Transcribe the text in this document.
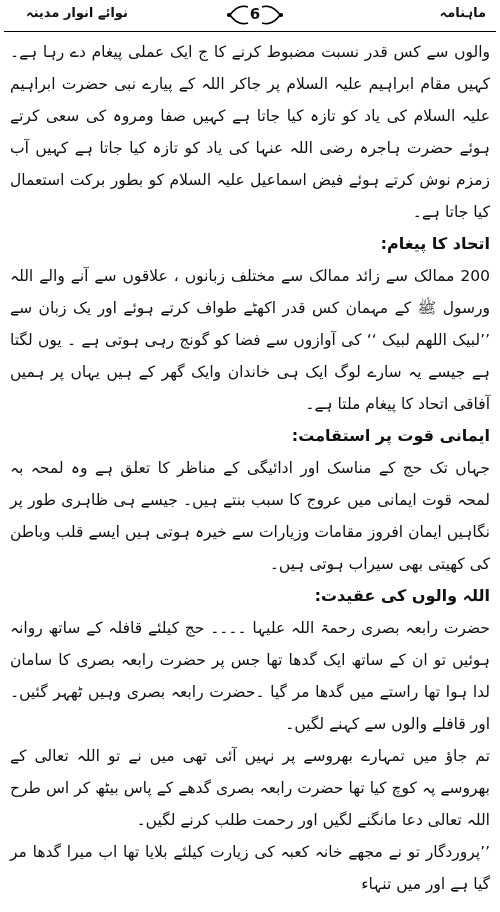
ماہنامہ
6
نوائے انوار مدینہ

والوں سے کس قدر نسبت مضبوط کرنے کا ج ایک عملی پیغام دے رہا ہے۔کہیں مقام ابراہیم علیہ السلام پر جاکر اللہ کے پیارے نبی حضرت ابراہیم علیہ السلام کی یاد کو تازہ کیا جاتا ہے کہیں صفا ومروہ کی سعی کرتے ہوئے حضرت ہاجرہ رضی اللہ عنہا کی یاد کو تازہ کیا جاتا ہے کہیں آب زمزم نوش کرتے ہوئے فیض اسماعیل علیہ السلام کو بطور برکت استعمال کیا جاتا ہے۔

اتحاد کا پیغام:

200 ممالک سے زائد ممالک سے مختلف زبانوں ، علاقوں سے آنے والے اللہ ورسول ﷺ کے مہمان کس قدر اکھٹے طواف کرتے ہوئے اور یک زبان سے ’’لبیک اللھم لبیک ‘‘ کی آوازوں سے فضا کو گونج رہی ہوتی ہے ۔ یوں لگتا ہے جیسے یہ سارے لوگ ایک ہی خاندان وایک گھر کے ہیں یہاں پر ہمیں آفاقی اتحاد کا پیغام ملتا ہے۔

ایمانی قوت پر استقامت:

جہاں تک حج کے مناسک اور ادائیگی کے مناظر کا تعلق ہے وہ لمحہ بہ لمحہ قوت ایمانی میں عروج کا سبب بنتے ہیں۔ جیسے ہی ظاہری طور پر نگاہیں ایمان افروز مقامات وزیارات سے خیرہ ہوتی ہیں ایسے قلب وباطن کی کھیتی بھی سیراب ہوتی ہیں۔

اللہ والوں کی عقیدت:

حضرت رابعہ بصری رحمۃ اللہ علیہا ۔۔۔۔ حج کیلئے قافلہ کے ساتھ روانہ ہوئیں تو ان کے ساتھ ایک گدھا تھا جس پر حضرت رابعہ بصری کا سامان لدا ہوا تھا راستے میں گدھا مر گیا ۔حضرت رابعہ بصری وہیں ٹھہر گئیں۔ اور قافلے والوں سے کہنے لگیں۔

تم جاؤ میں تمہارے بھروسے پر نہیں آئی تھی میں نے تو اللہ تعالی کے بھروسے پہ کوچ کیا تھا حضرت رابعہ بصری گدھے کے پاس بیٹھ کر اس طرح اللہ تعالی دعا مانگنے لگیں اور رحمت طلب کرنے لگیں۔

’’پروردگار تو نے مجھے خانہ کعبہ کی زیارت کیلئے بلایا تھا اب میرا گدھا مر گیا ہے اور میں تنہاء
